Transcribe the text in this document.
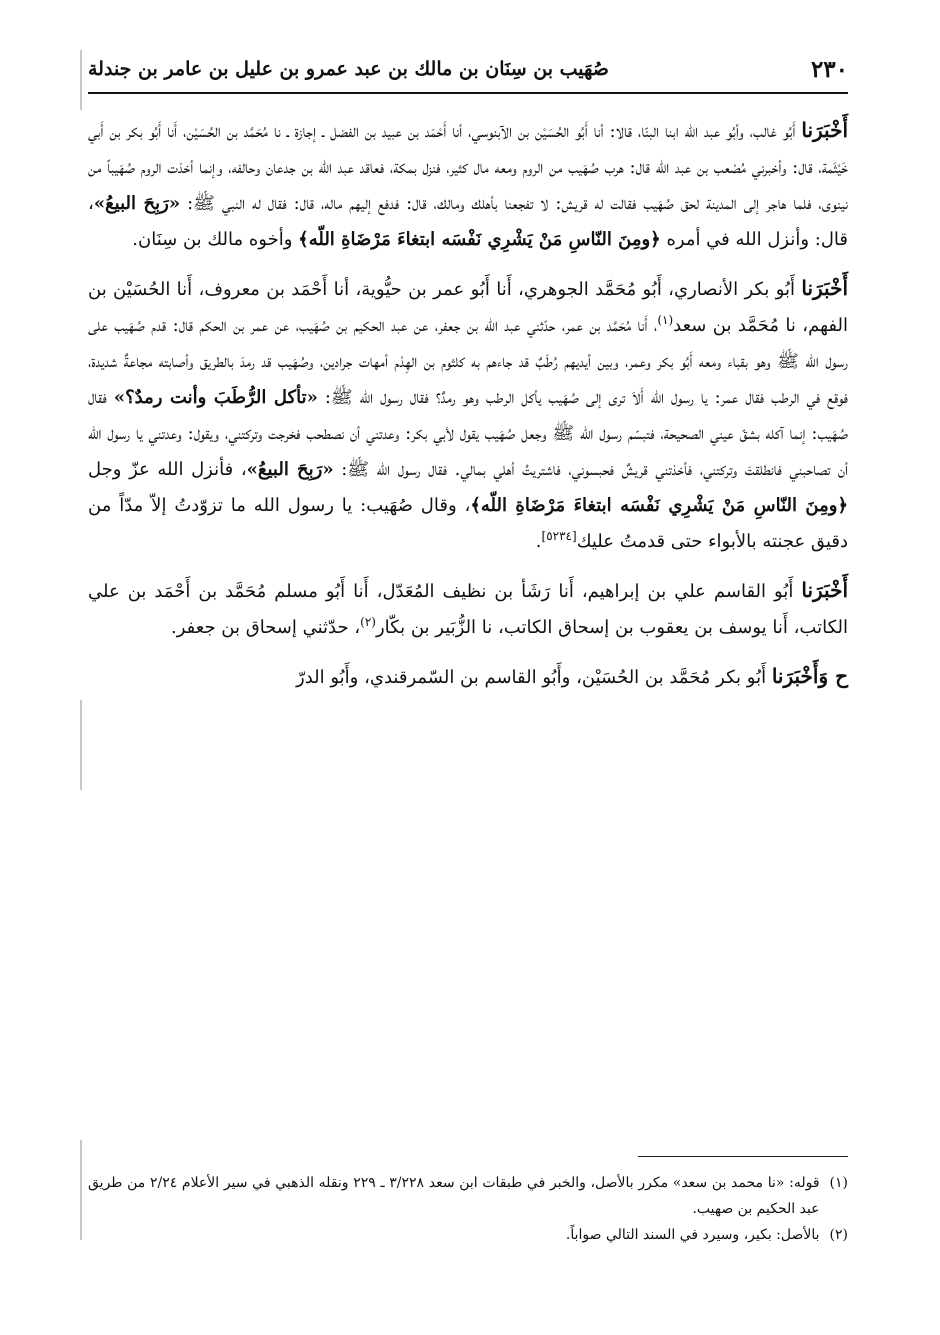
٢٣٠
صُهَيب بن سِنَان بن مالك بن عبد عمرو بن عليل بن عامر بن جندلة

أَخْبَرَنا أَبُو غالب، وأبُو عبد الله ابنا البنّا، قالا: أنا أَبُو الحُسَيْن بن الآبنوسي، أنا أَحْمَد بن عبيد بن الفضل ـ إجازة ـ نا مُحَمَّد بن الحُسَيْن، أَنا أَبُو بكر بن أَبي خَيْثَمة، قال: وأخبرني مُصْعب بن عبد الله قال: هرب صُهَيب من الروم ومعه مال كثير، فنزل بمكة، فعاقد عبد الله بن جدعان وحالفه، وإنما أخذت الروم صُهَيباً من نينوى، فلما هاجر إلى المدينة لحق صُهَيب فقالت له قريش: لا تفجعنا بأهلك ومالك، قال: فدفع إليهم ماله، قال: فقال له النبي ﷺ: «رَبِحَ البيعُ»، قال: وأنزل الله في أمره ﴿ومِنَ النّاسِ مَنْ يَشْرِي نَفْسَه ابتغاءَ مَرْضَاةِ اللّه﴾ وأخوه مالك بن سِنَان.

أَخْبَرَنا أَبُو بكر الأنصاري، أَبُو مُحَمَّد الجوهري، أَنا أَبُو عمر بن حيُّوية، أنا أَحْمَد بن معروف، أَنا الحُسَيْن بن الفهم، نا مُحَمَّد بن سعد$^{(١)}$، أَنا مُحَمَّد بن عمر، حدّثني عبد الله بن جعفر، عن عبد الحكيم بن صُهَيب، عن عمر بن الحكم قال: قدم صُهَيب على رسول الله ﷺ وهو بقباء ومعه أَبُو بكر وعمر، وبين أيديهم رُطَبٌ قد جاءهم به كلثوم بن الهِدْم أمهات جرادين، وصُهَيب قد رمدَ بالطريق وأصابته مجاعةٌ شديدة، فوقع في الرطب فقال عمر: يا رسول الله أَلاَ ترى إلى صُهَيب يأكل الرطب وهو رمدٌ؟ فقال رسول الله ﷺ: «تأكل الرُّطَبَ وأنت رمدٌ؟» فقال صُهَيب: إنما آكله بشقّ عيني الصحيحة، فتبسّم رسول الله ﷺ وجعل صُهَيب يقول لأبي بكر: وعدتني أن نصطحب فخرجت وتركتني، ويقول: وعدتني يا رسول الله أن تصاحبني فانطلقتَ وتركتني، فأخذتني قريشٌ فحبسوني، فاشتريتُ أهلي بمالي. فقال رسول الله ﷺ: «رَبِحَ البيعُ»، فأنزل الله عزّ وجل ﴿ومِنَ النّاسِ مَنْ يَشْرِي نَفْسَه ابتغاءَ مَرْضَاةِ اللّه﴾، وقال صُهَيب: يا رسول الله ما تزوّدتُ إلاّ مدّاً من دقيق عجنته بالأبواء حتى قدمتُ عليك[٥٢٣٤].

أَخْبَرَنا أَبُو القاسم علي بن إبراهيم، أَنا رَشَأ بن نظيف المُعَدّل، أَنا أَبُو مسلم مُحَمَّد بن أَحْمَد بن علي الكاتب، أَنا يوسف بن يعقوب بن إسحاق الكاتب، نا الزُّبَير بن بكّار$^{(٢)}$، حدّثني إسحاق بن جعفر.

ح وَأَخْبَرَنا أَبُو بكر مُحَمَّد بن الحُسَيْن، وأَبُو القاسم بن السّمرقندي، وأَبُو الدرّ

(١)
قوله: «نا محمد بن سعد» مكرر بالأصل، والخبر في طبقات ابن سعد ٣/٢٢٨ ـ ٢٢٩ ونقله الذهبي في سير الأعلام ٢/٢٤ من طريق عبد الحكيم بن صهيب.

(٢)
بالأصل: بكير، وسيرد في السند التالي صواباً.
